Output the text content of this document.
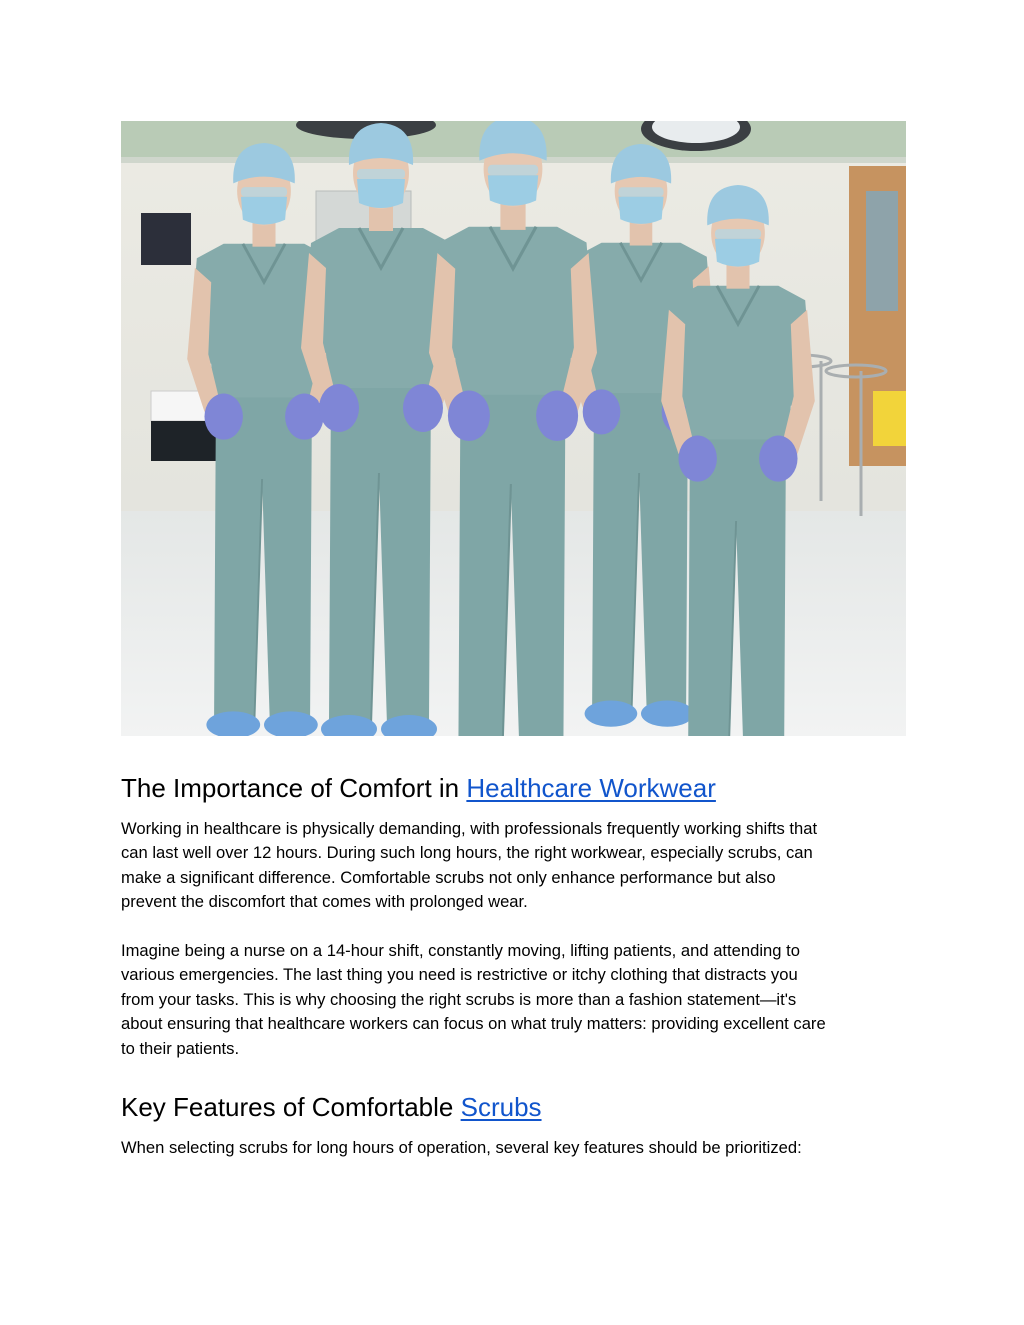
The Importance of Comfort in Healthcare Workwear

Working in healthcare is physically demanding, with professionals frequently working shifts that
can last well over 12 hours. During such long hours, the right workwear, especially scrubs, can
make a significant difference. Comfortable scrubs not only enhance performance but also
prevent the discomfort that comes with prolonged wear.

Imagine being a nurse on a 14-hour shift, constantly moving, lifting patients, and attending to
various emergencies. The last thing you need is restrictive or itchy clothing that distracts you
from your tasks. This is why choosing the right scrubs is more than a fashion statement—it's
about ensuring that healthcare workers can focus on what truly matters: providing excellent care
to their patients.

Key Features of Comfortable Scrubs

When selecting scrubs for long hours of operation, several key features should be prioritized:
